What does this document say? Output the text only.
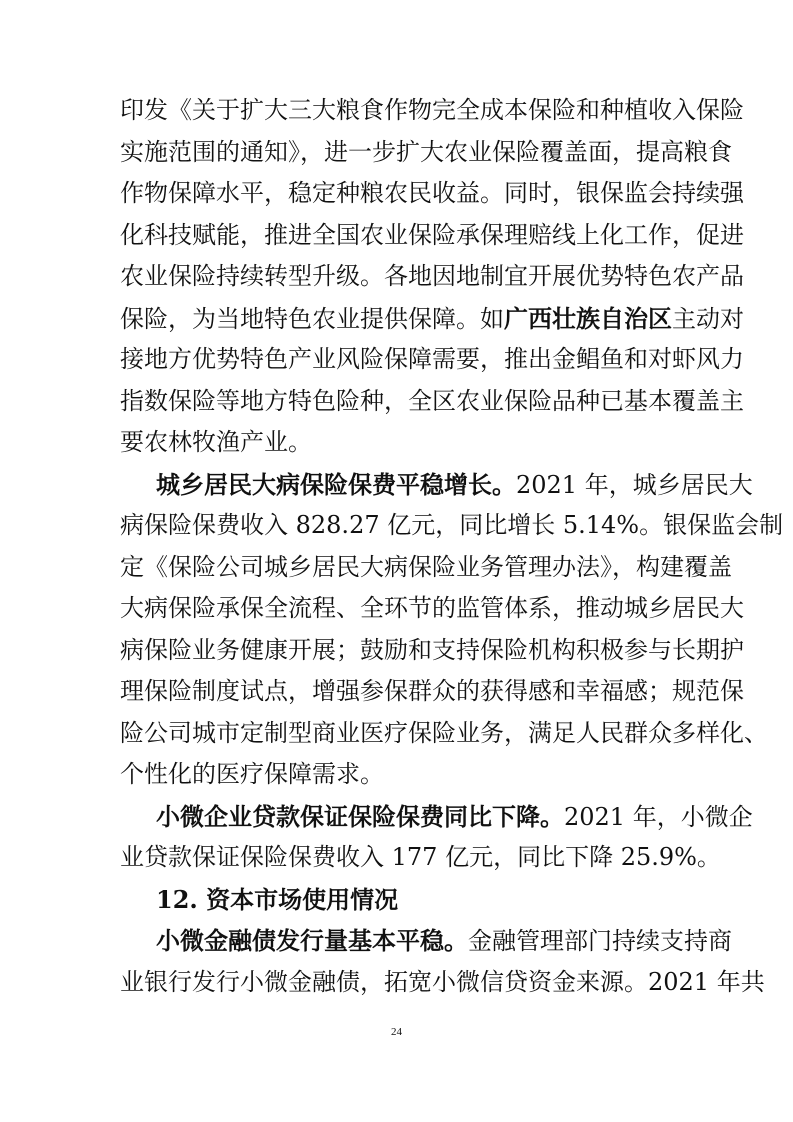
印发《关于扩大三大粮食作物完全成本保险和种植收入保险
实施范围的通知》，进一步扩大农业保险覆盖面，提高粮食
作物保障水平，稳定种粮农民收益。同时，银保监会持续强
化科技赋能，推进全国农业保险承保理赔线上化工作，促进
农业保险持续转型升级。各地因地制宜开展优势特色农产品
保险，为当地特色农业提供保障。如广西壮族自治区主动对
接地方优势特色产业风险保障需要，推出金鲳鱼和对虾风力
指数保险等地方特色险种，全区农业保险品种已基本覆盖主
要农林牧渔产业。
城乡居民大病保险保费平稳增长。2021 年，城乡居民大
病保险保费收入 828.27 亿元，同比增长 5.14%。银保监会制
定《保险公司城乡居民大病保险业务管理办法》，构建覆盖
大病保险承保全流程、全环节的监管体系，推动城乡居民大
病保险业务健康开展；鼓励和支持保险机构积极参与长期护
理保险制度试点，增强参保群众的获得感和幸福感；规范保
险公司城市定制型商业医疗保险业务，满足人民群众多样化、
个性化的医疗保障需求。
小微企业贷款保证保险保费同比下降。2021 年，小微企
业贷款保证保险保费收入 177 亿元，同比下降 25.9%。
12. 资本市场使用情况
小微金融债发行量基本平稳。金融管理部门持续支持商
业银行发行小微金融债，拓宽小微信贷资金来源。2021 年共
24
